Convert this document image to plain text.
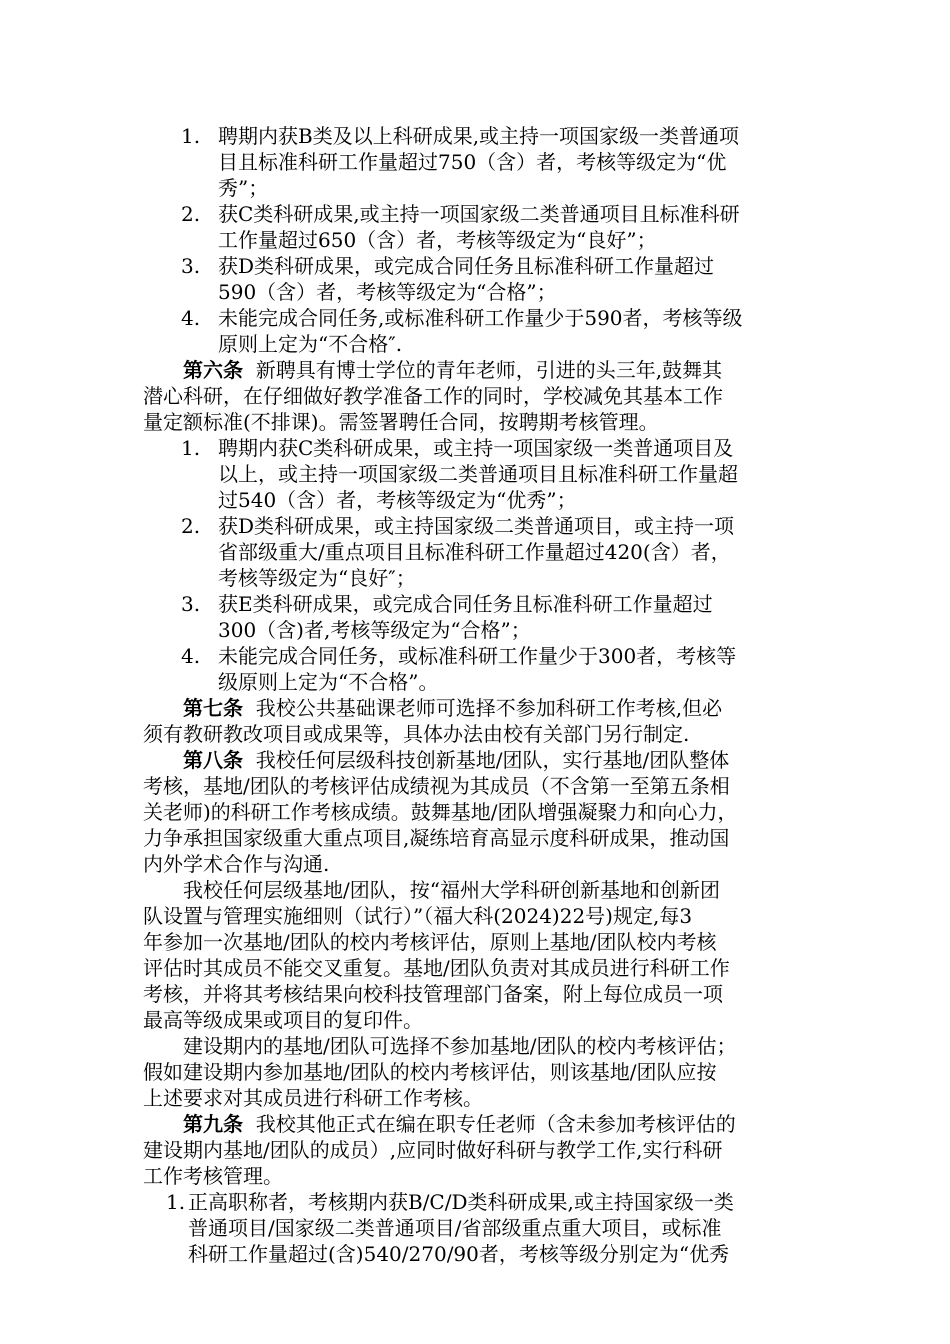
1. 聘期内获B类及以上科研成果,或主持一项国家级一类普通项
目且标准科研工作量超过750（含）者，考核等级定为“优
秀”；
2. 获C类科研成果,或主持一项国家级二类普通项目且标准科研
工作量超过650（含）者，考核等级定为“良好”；
3. 获D类科研成果，或完成合同任务且标准科研工作量超过
590（含）者，考核等级定为“合格”；
4. 未能完成合同任务,或标准科研工作量少于590者，考核等级
原则上定为“不合格″.
第六条 新聘具有博士学位的青年老师，引进的头三年,鼓舞其
潜心科研，在仔细做好教学准备工作的同时，学校减免其基本工作
量定额标准(不排课)。需签署聘任合同，按聘期考核管理。
1. 聘期内获C类科研成果，或主持一项国家级一类普通项目及
以上，或主持一项国家级二类普通项目且标准科研工作量超
过540（含）者，考核等级定为“优秀”；
2. 获D类科研成果，或主持国家级二类普通项目，或主持一项
省部级重大/重点项目且标准科研工作量超过420(含）者，
考核等级定为“良好″；
3. 获E类科研成果，或完成合同任务且标准科研工作量超过
300（含)者,考核等级定为“合格”；
4. 未能完成合同任务，或标准科研工作量少于300者，考核等
级原则上定为“不合格”。
第七条 我校公共基础课老师可选择不参加科研工作考核,但必
须有教研教改项目或成果等，具体办法由校有关部门另行制定.
第八条 我校任何层级科技创新基地/团队，实行基地/团队整体
考核，基地/团队的考核评估成绩视为其成员（不含第一至第五条相
关老师)的科研工作考核成绩。鼓舞基地/团队增强凝聚力和向心力，
力争承担国家级重大重点项目,凝练培育高显示度科研成果，推动国
内外学术合作与沟通.
我校任何层级基地/团队，按“福州大学科研创新基地和创新团
队设置与管理实施细则（试行）”（福大科(2024)22号)规定,每3
年参加一次基地/团队的校内考核评估，原则上基地/团队校内考核
评估时其成员不能交叉重复。基地/团队负责对其成员进行科研工作
考核，并将其考核结果向校科技管理部门备案，附上每位成员一项
最高等级成果或项目的复印件。
建设期内的基地/团队可选择不参加基地/团队的校内考核评估；
假如建设期内参加基地/团队的校内考核评估，则该基地/团队应按
上述要求对其成员进行科研工作考核。
第九条 我校其他正式在编在职专任老师（含未参加考核评估的
建设期内基地/团队的成员）,应同时做好科研与教学工作,实行科研
工作考核管理。
1. 正高职称者，考核期内获B/C/D类科研成果,或主持国家级一类
普通项目/国家级二类普通项目/省部级重点重大项目，或标准
科研工作量超过(含)540/270/90者，考核等级分别定为“优秀
